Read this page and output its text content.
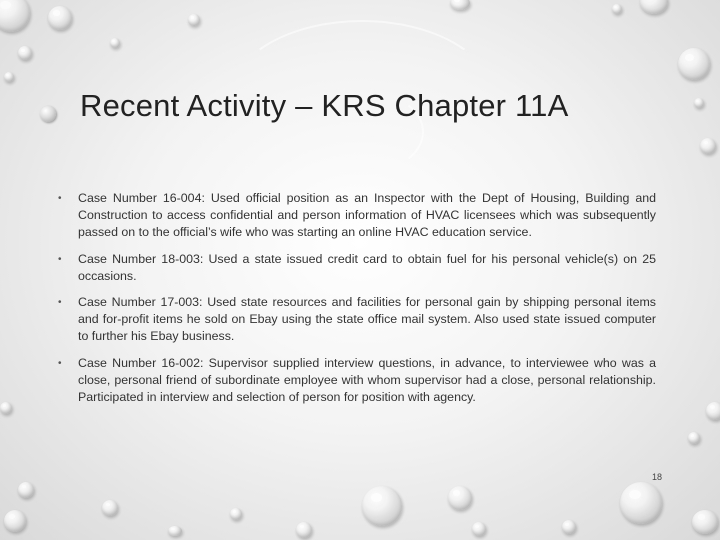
Recent Activity – KRS Chapter 11A
• Case Number 16-004: Used official position as an Inspector with the Dept of Housing, Building and Construction to access confidential and person information of HVAC licensees which was subsequently passed on to the official’s wife who was starting an online HVAC education service.
• Case Number 18-003: Used a state issued credit card to obtain fuel for his personal vehicle(s) on 25 occasions.
• Case Number 17-003: Used state resources and facilities for personal gain by shipping personal items and for-profit items he sold on Ebay using the state office mail system. Also used state issued computer to further his Ebay business.
• Case Number 16-002: Supervisor supplied interview questions, in advance, to interviewee who was a close, personal friend of subordinate employee with whom supervisor had a close, personal relationship. Participated in interview and selection of person for position with agency.
18
